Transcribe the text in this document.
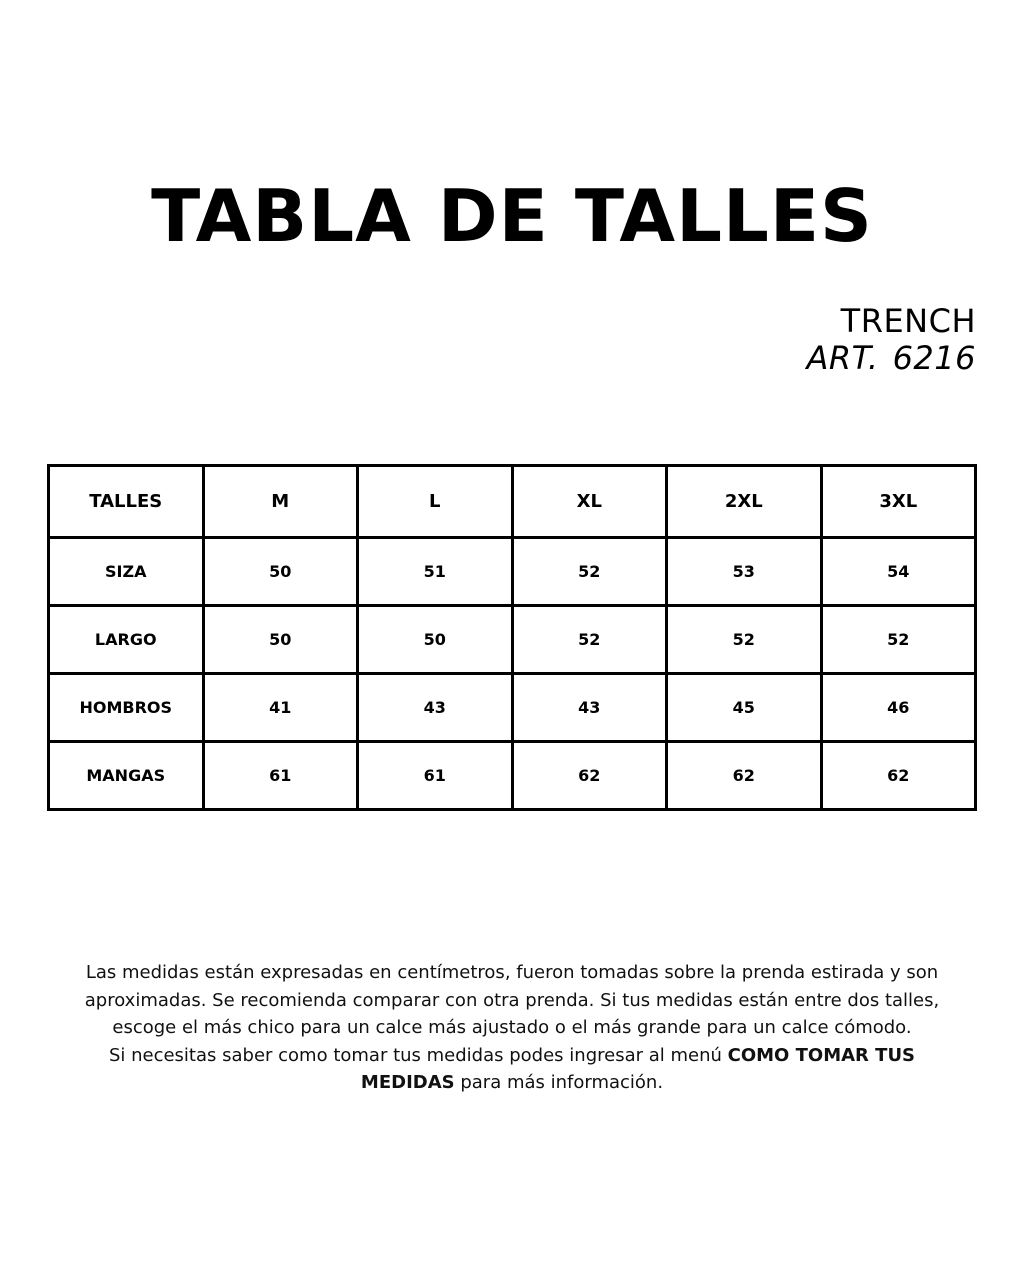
TABLA DE TALLES
TRENCH
ART. 6216
TALLES	M	L	XL	2XL	3XL
SIZA	50	51	52	53	54
LARGO	50	50	52	52	52
HOMBROS	41	43	43	45	46
MANGAS	61	61	62	62	62

Las medidas están expresadas en centímetros, fueron tomadas sobre la prenda estirada y son
aproximadas. Se recomienda comparar con otra prenda. Si tus medidas están entre dos talles,
escoge el más chico para un calce más ajustado o el más grande para un calce cómodo.
Si necesitas saber como tomar tus medidas podes ingresar al menú COMO TOMAR TUS
MEDIDAS para más información.
